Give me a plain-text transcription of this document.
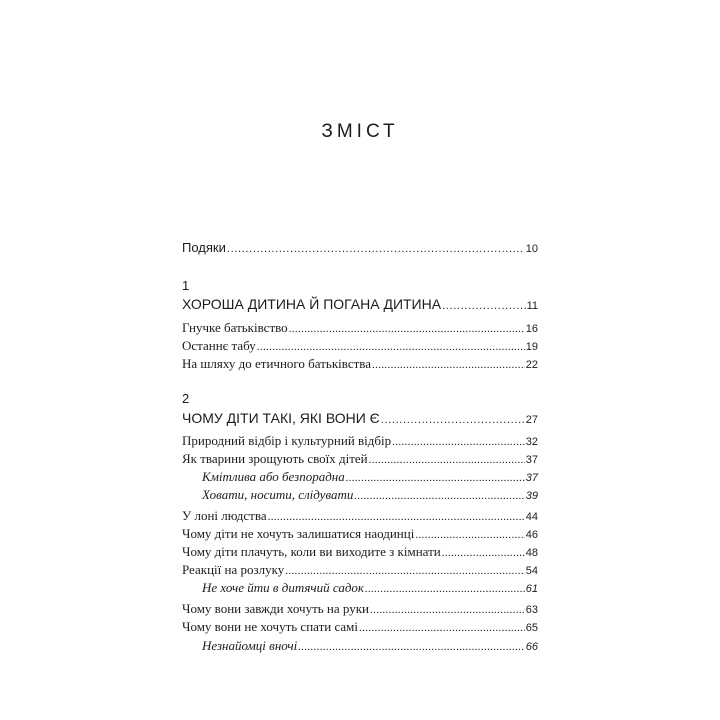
ЗМІСТ
Подяки . . .	10
1
ХОРОША ДИТИНА Й ПОГАНА ДИТИНА . . .	11
Гнучке батьківство . . .	16
Останнє табу . . .	19
На шляху до етичного батьківства . . .	22
2
ЧОМУ ДІТИ ТАКІ, ЯКІ ВОНИ Є . . .	27
Природний відбір і культурний відбір . . .	32
Як тварини зрощують своїх дітей . . .	37
Кмітлива або безпорадна . . .	37
Ховати, носити, слідувати . . .	39
У лоні людства . . .	44
Чому діти не хочуть залишатися наодинці . . .	46
Чому діти плачуть, коли ви виходите з кімнати . . .	48
Реакції на розлуку . . .	54
Не хоче йти в дитячий садок . . .	61
Чому вони завжди хочуть на руки . . .	63
Чому вони не хочуть спати самі . . .	65
Незнайомці вночі . . .	66
